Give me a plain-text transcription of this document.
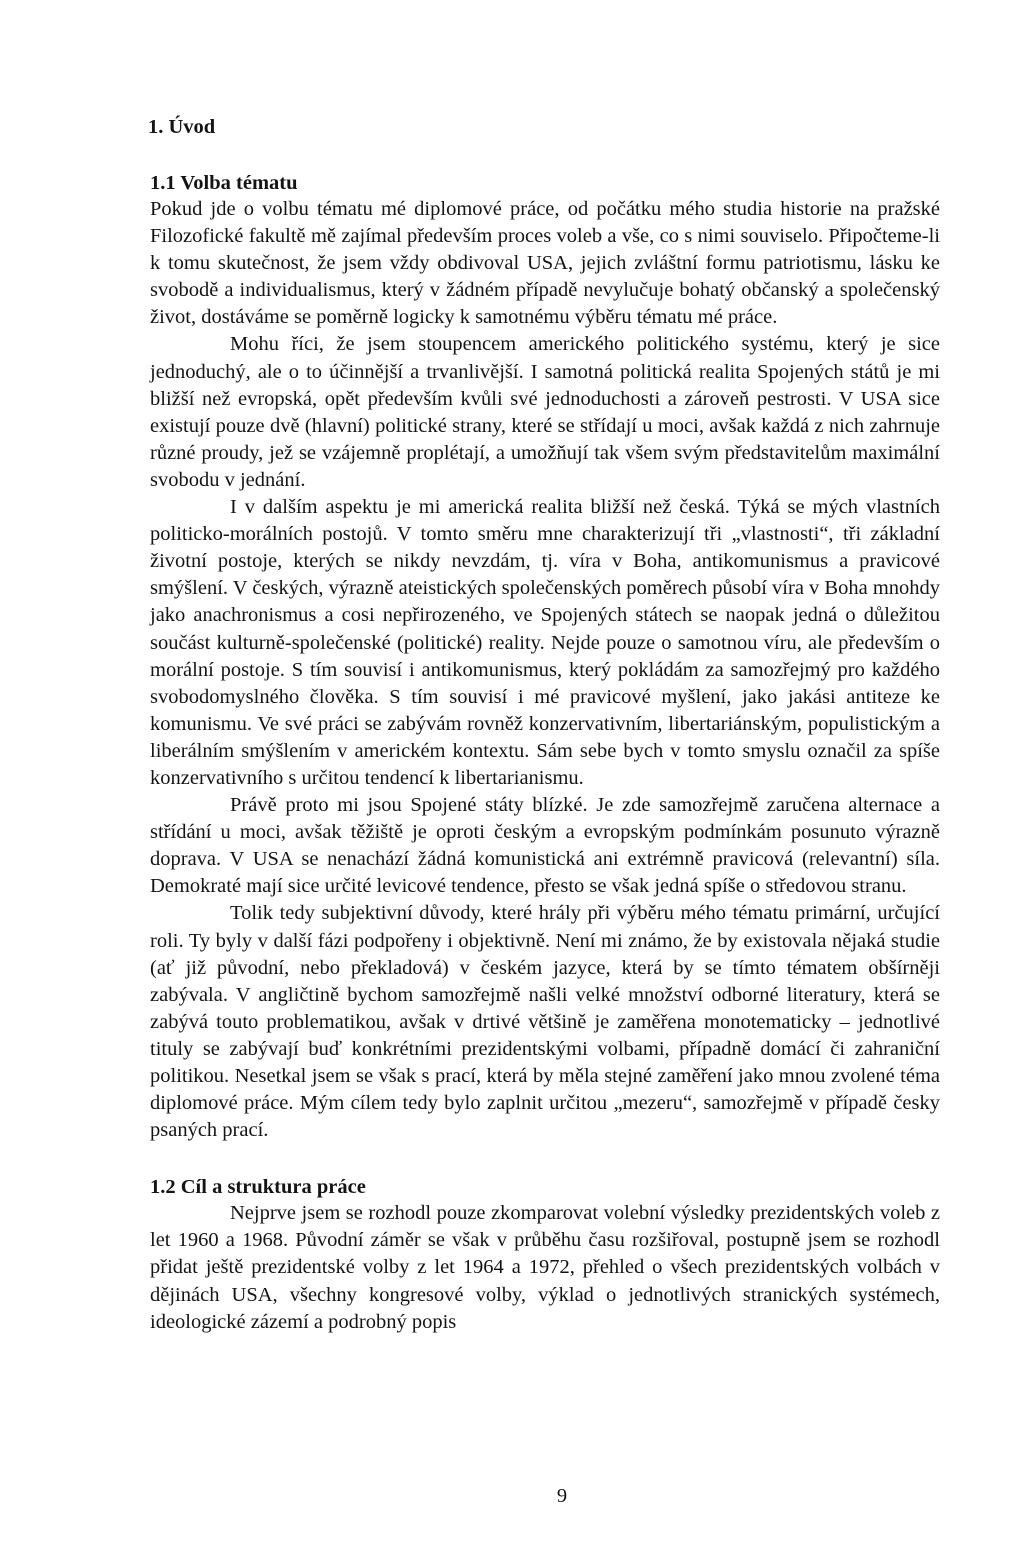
1. Úvod
1.1 Volba tématu

Pokud jde o volbu tématu mé diplomové práce, od počátku mého studia historie na pražské Filozofické fakultě mě zajímal především proces voleb a vše, co s nimi souviselo. Připočteme-li k tomu skutečnost, že jsem vždy obdivoval USA, jejich zvláštní formu patriotismu, lásku ke svobodě a individualismus, který v žádném případě nevylučuje bohatý občanský a společenský život, dostáváme se poměrně logicky k samotnému výběru tématu mé práce.

Mohu říci, že jsem stoupencem amerického politického systému, který je sice jednoduchý, ale o to účinnější a trvanlivější. I samotná politická realita Spojených států je mi bližší než evropská, opět především kvůli své jednoduchosti a zároveň pestrosti. V USA sice existují pouze dvě (hlavní) politické strany, které se střídají u moci, avšak každá z nich zahrnuje různé proudy, jež se vzájemně proplétají, a umožňují tak všem svým představitelům maximální svobodu v jednání.

I v dalším aspektu je mi americká realita bližší než česká. Týká se mých vlastních politicko-morálních postojů. V tomto směru mne charakterizují tři „vlastnosti“, tři základní životní postoje, kterých se nikdy nevzdám, tj. víra v Boha, antikomunismus a pravicové smýšlení. V českých, výrazně ateistických společenských poměrech působí víra v Boha mnohdy jako anachronismus a cosi nepřirozeného, ve Spojených státech se naopak jedná o důležitou součást kulturně-společenské (politické) reality. Nejde pouze o samotnou víru, ale především o morální postoje. S tím souvisí i antikomunismus, který pokládám za samozřejmý pro každého svobodomyslného člověka. S tím souvisí i mé pravicové myšlení, jako jakási antiteze ke komunismu. Ve své práci se zabývám rovněž konzervativním, libertariánským, populistickým a liberálním smýšlením v americkém kontextu. Sám sebe bych v tomto smyslu označil za spíše konzervativního s určitou tendencí k libertarianismu.

Právě proto mi jsou Spojené státy blízké. Je zde samozřejmě zaručena alternace a střídání u moci, avšak těžiště je oproti českým a evropským podmínkám posunuto výrazně doprava. V USA se nenachází žádná komunistická ani extrémně pravicová (relevantní) síla. Demokraté mají sice určité levicové tendence, přesto se však jedná spíše o středovou stranu.

Tolik tedy subjektivní důvody, které hrály při výběru mého tématu primární, určující roli. Ty byly v další fázi podpořeny i objektivně. Není mi známo, že by existovala nějaká studie (ať již původní, nebo překladová) v českém jazyce, která by se tímto tématem obšírněji zabývala. V angličtině bychom samozřejmě našli velké množství odborné literatury, která se zabývá touto problematikou, avšak v drtivé většině je zaměřena monotematicky – jednotlivé tituly se zabývají buď konkrétními prezidentskými volbami, případně domácí či zahraniční politikou. Nesetkal jsem se však s prací, která by měla stejné zaměření jako mnou zvolené téma diplomové práce. Mým cílem tedy bylo zaplnit určitou „mezeru“, samozřejmě v případě česky psaných prací.

1.2 Cíl a struktura práce

Nejprve jsem se rozhodl pouze zkomparovat volební výsledky prezidentských voleb z let 1960 a 1968. Původní záměr se však v průběhu času rozšiřoval, postupně jsem se rozhodl přidat ještě prezidentské volby z let 1964 a 1972, přehled o všech prezidentských volbách v dějinách USA, všechny kongresové volby, výklad o jednotlivých stranických systémech, ideologické zázemí a podrobný popis

9
